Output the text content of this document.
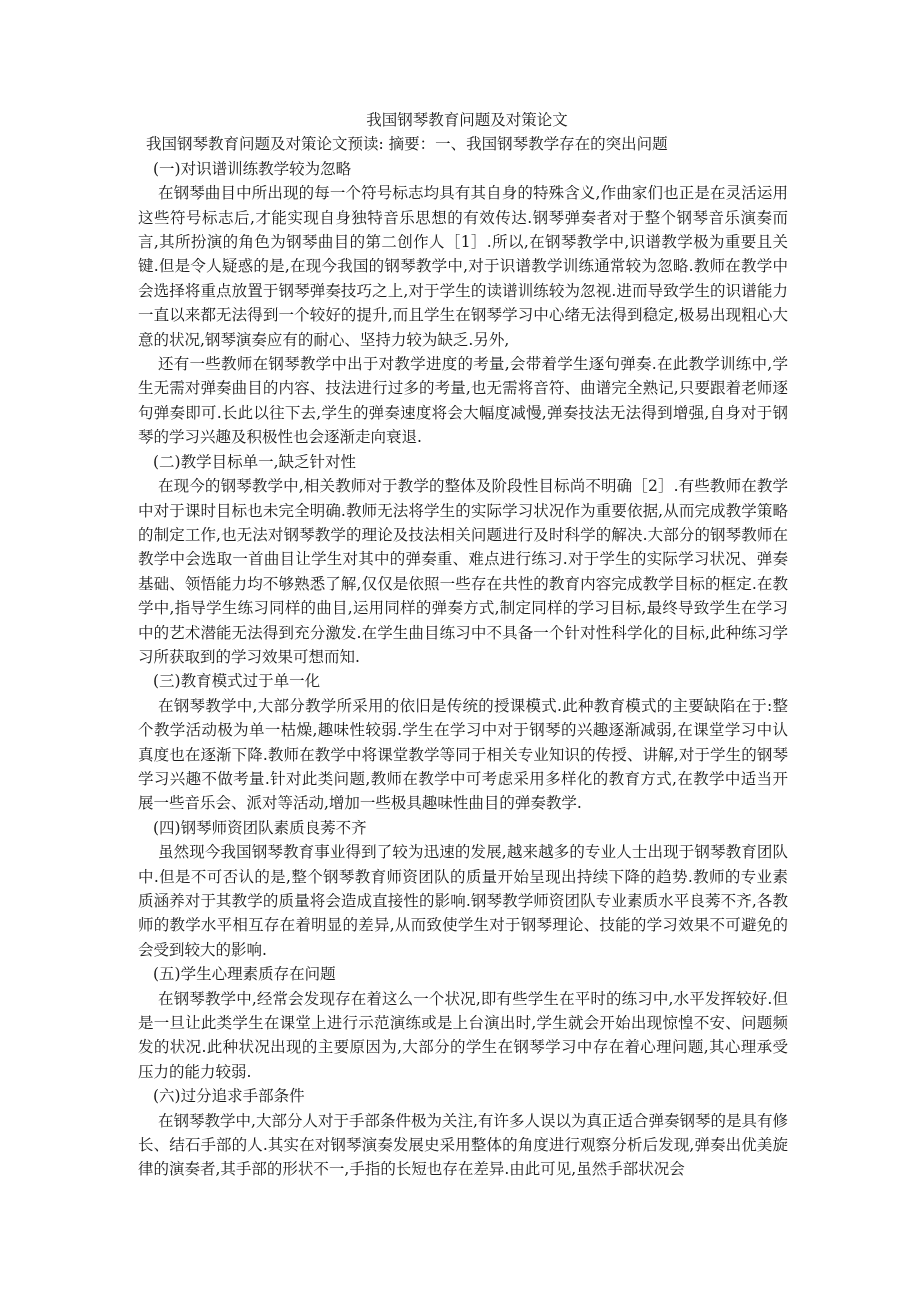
我国钢琴教育问题及对策论文

我国钢琴教育问题及对策论文预读: 摘要：一、我国钢琴教学存在的突出问题

(一)对识谱训练教学较为忽略

在钢琴曲目中所出现的每一个符号标志均具有其自身的特殊含义,作曲家们也正是在灵活运用这些符号标志后,才能实现自身独特音乐思想的有效传达.钢琴弹奏者对于整个钢琴音乐演奏而言,其所扮演的角色为钢琴曲目的第二创作人［1］.所以,在钢琴教学中,识谱教学极为重要且关键.但是令人疑惑的是,在现今我国的钢琴教学中,对于识谱教学训练通常较为忽略.教师在教学中会选择将重点放置于钢琴弹奏技巧之上,对于学生的读谱训练较为忽视.进而导致学生的识谱能力一直以来都无法得到一个较好的提升,而且学生在钢琴学习中心绪无法得到稳定,极易出现粗心大意的状况,钢琴演奏应有的耐心、坚持力较为缺乏.另外,

还有一些教师在钢琴教学中出于对教学进度的考量,会带着学生逐句弹奏.在此教学训练中,学生无需对弹奏曲目的内容、技法进行过多的考量,也无需将音符、曲谱完全熟记,只要跟着老师逐句弹奏即可.长此以往下去,学生的弹奏速度将会大幅度减慢,弹奏技法无法得到增强,自身对于钢琴的学习兴趣及积极性也会逐渐走向衰退.

(二)教学目标单一,缺乏针对性

在现今的钢琴教学中,相关教师对于教学的整体及阶段性目标尚不明确［2］.有些教师在教学中对于课时目标也未完全明确.教师无法将学生的实际学习状况作为重要依据,从而完成教学策略的制定工作,也无法对钢琴教学的理论及技法相关问题进行及时科学的解决.大部分的钢琴教师在教学中会选取一首曲目让学生对其中的弹奏重、难点进行练习.对于学生的实际学习状况、弹奏基础、领悟能力均不够熟悉了解,仅仅是依照一些存在共性的教育内容完成教学目标的框定.在教学中,指导学生练习同样的曲目,运用同样的弹奏方式,制定同样的学习目标,最终导致学生在学习中的艺术潜能无法得到充分激发.在学生曲目练习中不具备一个针对性科学化的目标,此种练习学习所获取到的学习效果可想而知.

(三)教育模式过于单一化

在钢琴教学中,大部分教学所采用的依旧是传统的授课模式.此种教育模式的主要缺陷在于:整个教学活动极为单一枯燥,趣味性较弱.学生在学习中对于钢琴的兴趣逐渐减弱,在课堂学习中认真度也在逐渐下降.教师在教学中将课堂教学等同于相关专业知识的传授、讲解,对于学生的钢琴学习兴趣不做考量.针对此类问题,教师在教学中可考虑采用多样化的教育方式,在教学中适当开展一些音乐会、派对等活动,增加一些极具趣味性曲目的弹奏教学.

(四)钢琴师资团队素质良莠不齐

虽然现今我国钢琴教育事业得到了较为迅速的发展,越来越多的专业人士出现于钢琴教育团队中.但是不可否认的是,整个钢琴教育师资团队的质量开始呈现出持续下降的趋势.教师的专业素质涵养对于其教学的质量将会造成直接性的影响.钢琴教学师资团队专业素质水平良莠不齐,各教师的教学水平相互存在着明显的差异,从而致使学生对于钢琴理论、技能的学习效果不可避免的会受到较大的影响.

(五)学生心理素质存在问题

在钢琴教学中,经常会发现存在着这么一个状况,即有些学生在平时的练习中,水平发挥较好.但是一旦让此类学生在课堂上进行示范演练或是上台演出时,学生就会开始出现惊惶不安、问题频发的状况.此种状况出现的主要原因为,大部分的学生在钢琴学习中存在着心理问题,其心理承受压力的能力较弱.

(六)过分追求手部条件

在钢琴教学中,大部分人对于手部条件极为关注,有许多人误以为真正适合弹奏钢琴的是具有修长、结石手部的人.其实在对钢琴演奏发展史采用整体的角度进行观察分析后发现,弹奏出优美旋律的演奏者,其手部的形状不一,手指的长短也存在差异.由此可见,虽然手部状况会
